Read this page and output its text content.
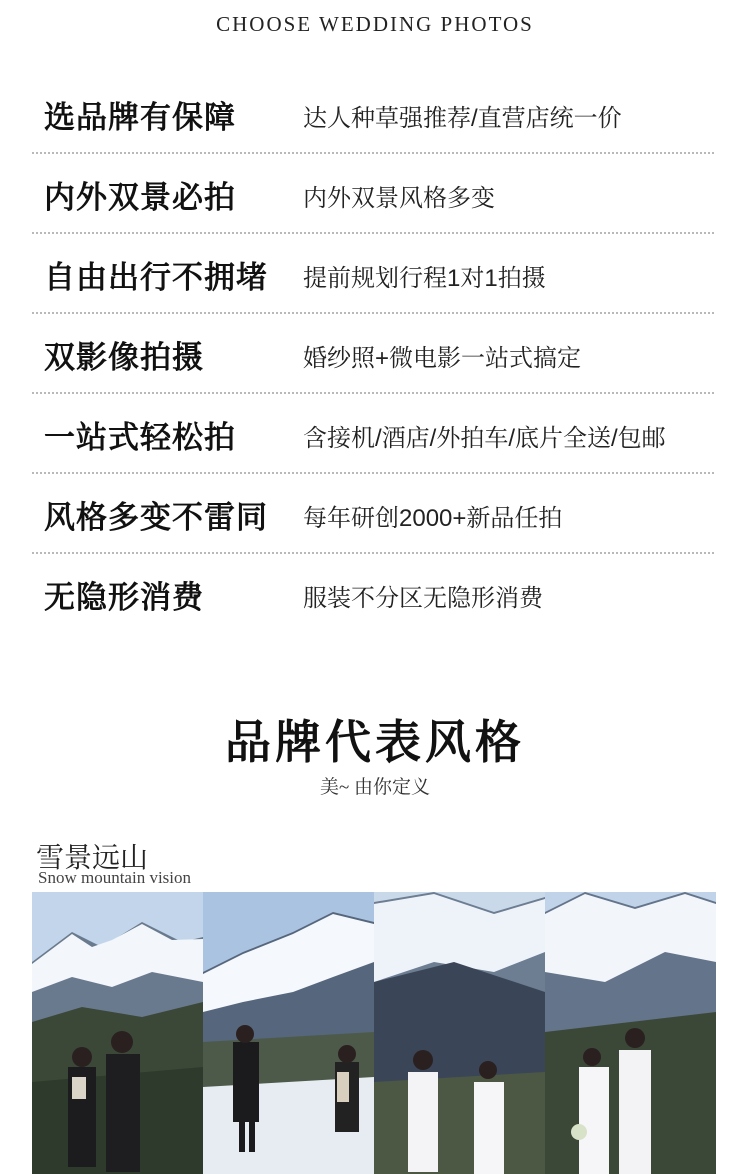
CHOOSE WEDDING PHOTOS
选品牌有保障	达人种草强推荐/直营店统一价
内外双景必拍	内外双景风格多变
自由出行不拥堵 提前规划行程1对1拍摄
双影像拍摄	婚纱照+微电影一站式搞定
一站式轻松拍	含接机/酒店/外拍车/底片全送/包邮
风格多变不雷同 每年研创2000+新品任拍
无隐形消费	服装不分区无隐形消费
品牌代表风格
美~ 由你定义
雪景远山
Snow mountain vision
